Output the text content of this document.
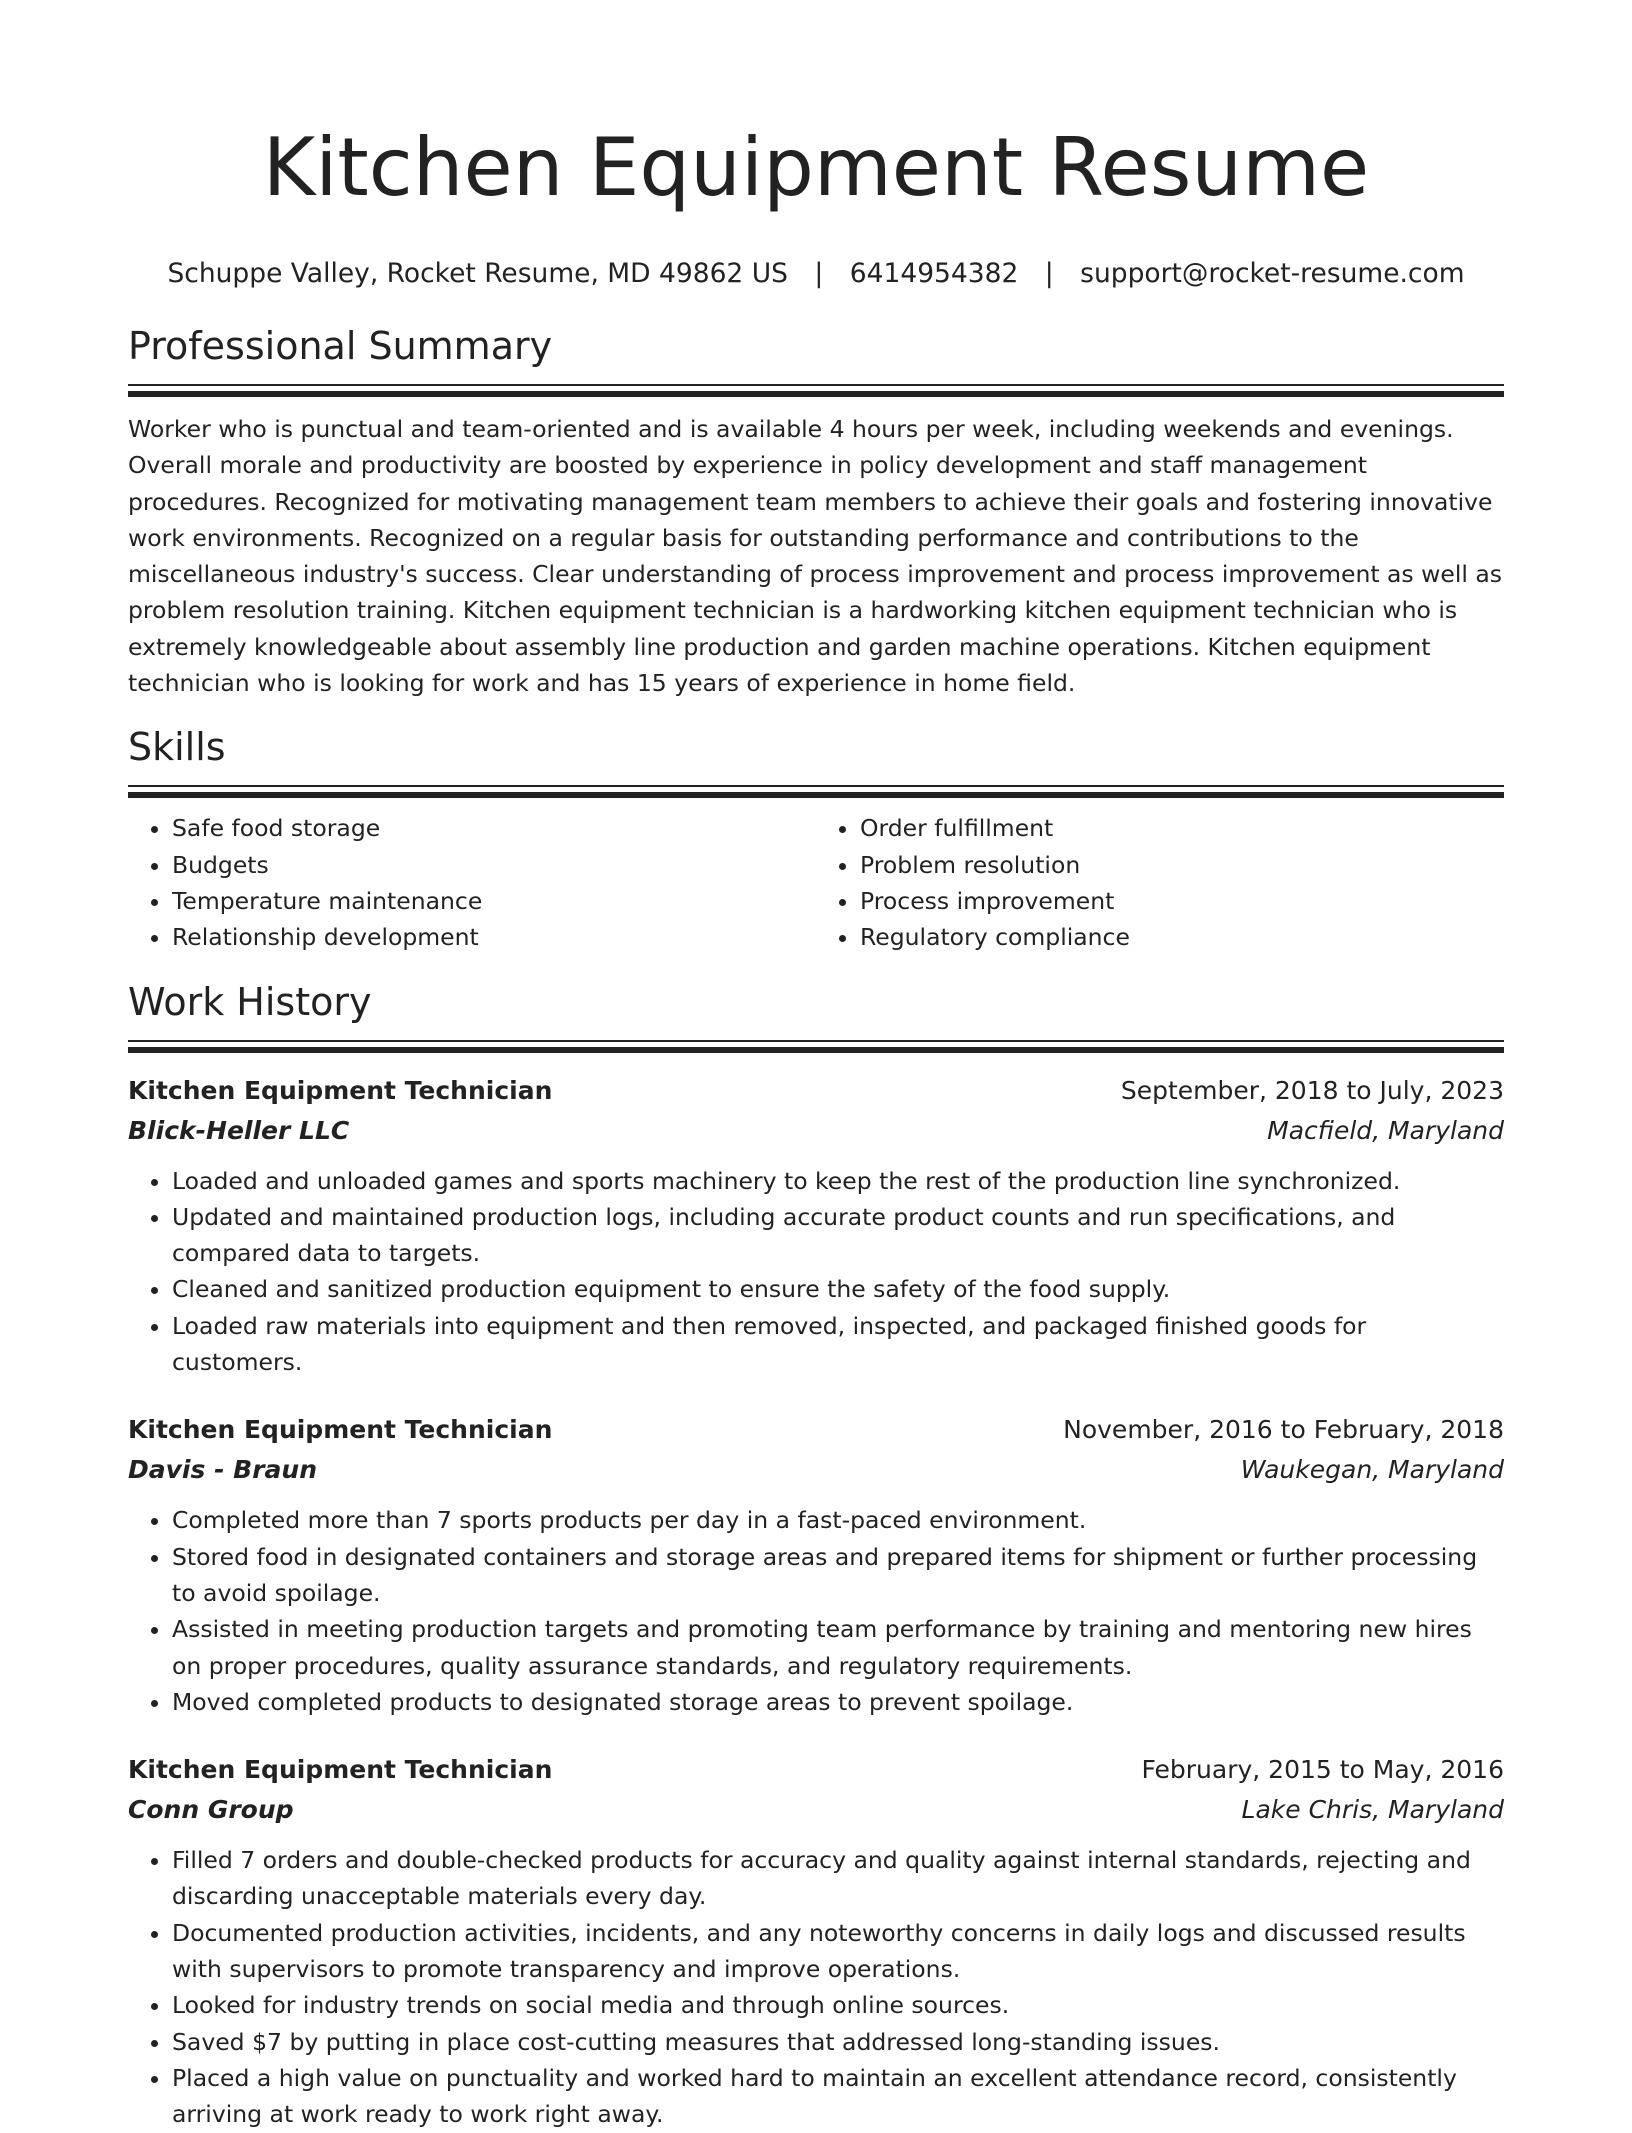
Kitchen Equipment Resume
Schuppe Valley, Rocket Resume, MD 49862 US | 6414954382 | support@rocket-resume.com
Professional Summary

Worker who is punctual and team-oriented and is available 4 hours per week, including weekends and evenings. Overall morale and productivity are boosted by experience in policy development and staff management procedures. Recognized for motivating management team members to achieve their goals and fostering innovative work environments. Recognized on a regular basis for outstanding performance and contributions to the miscellaneous industry's success. Clear understanding of process improvement and process improvement as well as problem resolution training. Kitchen equipment technician is a hardworking kitchen equipment technician who is extremely knowledgeable about assembly line production and garden machine operations. Kitchen equipment technician who is looking for work and has 15 years of experience in home field.

Skills
• Safe food storage
• Budgets
• Temperature maintenance
• Relationship development
• Order fulfillment
• Problem resolution
• Process improvement
• Regulatory compliance
Work History
Kitchen Equipment Technician	September, 2018 to July, 2023
Blick-Heller LLC	Macfield, Maryland
• Loaded and unloaded games and sports machinery to keep the rest of the production line synchronized.
• Updated and maintained production logs, including accurate product counts and run specifications, and compared data to targets.
• Cleaned and sanitized production equipment to ensure the safety of the food supply.
• Loaded raw materials into equipment and then removed, inspected, and packaged finished goods for customers.
Kitchen Equipment Technician	November, 2016 to February, 2018
Davis - Braun	Waukegan, Maryland
• Completed more than 7 sports products per day in a fast-paced environment.
• Stored food in designated containers and storage areas and prepared items for shipment or further processing to avoid spoilage.
• Assisted in meeting production targets and promoting team performance by training and mentoring new hires on proper procedures, quality assurance standards, and regulatory requirements.
• Moved completed products to designated storage areas to prevent spoilage.
Kitchen Equipment Technician	February, 2015 to May, 2016
Conn Group	Lake Chris, Maryland
• Filled 7 orders and double-checked products for accuracy and quality against internal standards, rejecting and discarding unacceptable materials every day.
• Documented production activities, incidents, and any noteworthy concerns in daily logs and discussed results with supervisors to promote transparency and improve operations.
• Looked for industry trends on social media and through online sources.
• Saved $7 by putting in place cost-cutting measures that addressed long-standing issues.
• Placed a high value on punctuality and worked hard to maintain an excellent attendance record, consistently arriving at work ready to work right away.
